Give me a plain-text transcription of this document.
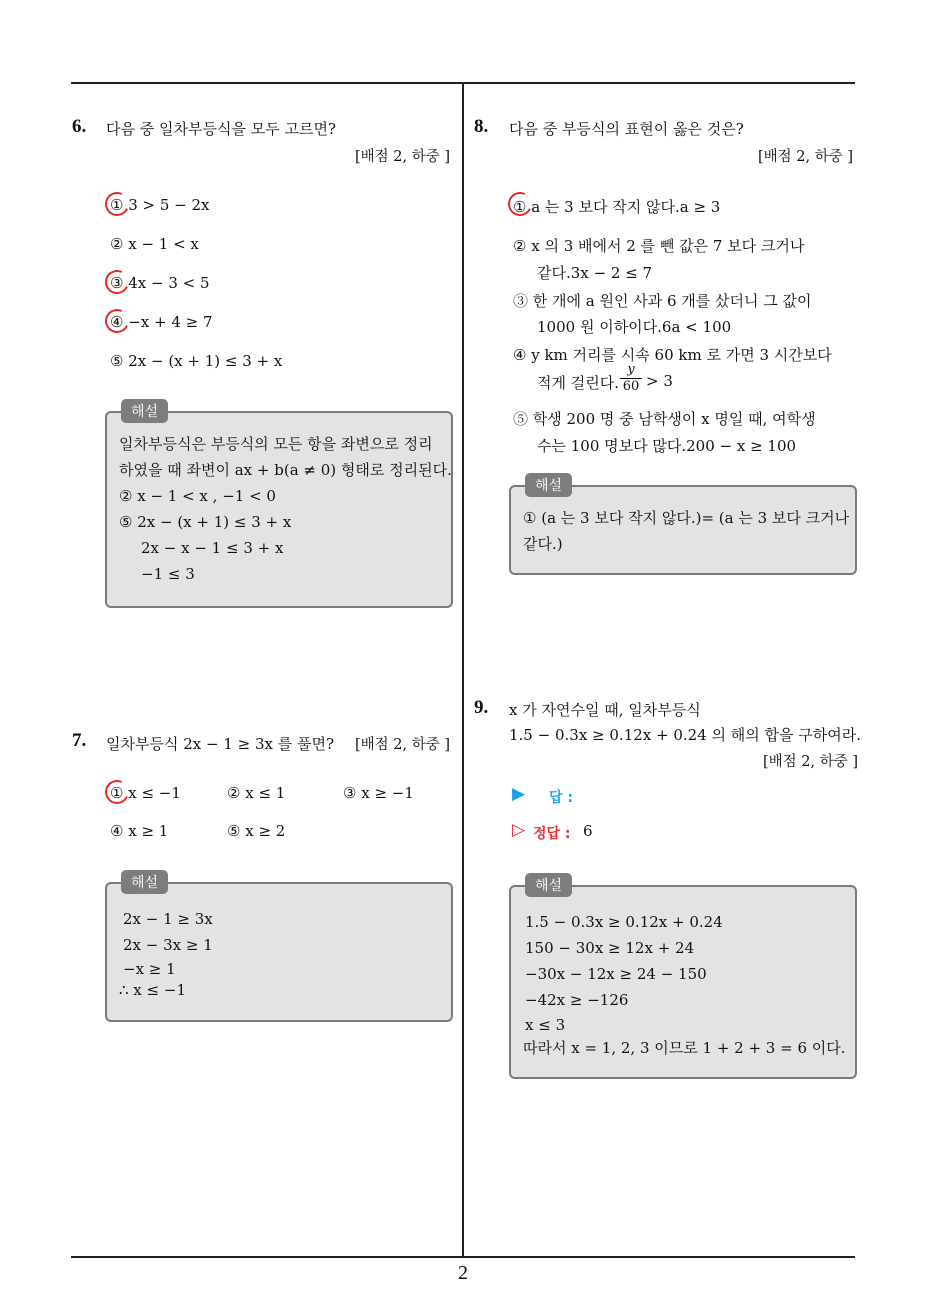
6. 다음 중 일차부등식을 모두 고르면?
[배점 2, 하중 ]
① 3 > 5 − 2x
② x − 1 < x
③ 4x − 3 < 5
④ −x + 4 ≥ 7
⑤ 2x − (x + 1) ≤ 3 + x
해설
일차부등식은 부등식의 모든 항을 좌변으로 정리
하였을 때 좌변이 ax + b(a ≠ 0) 형태로 정리된다.
② x − 1 < x , −1 < 0
⑤ 2x − (x + 1) ≤ 3 + x
2x − x − 1 ≤ 3 + x
−1 ≤ 3
7. 일차부등식 2x − 1 ≥ 3x 를 풀면?	[배점 2, 하중 ]
① x ≤ −1	② x ≤ 1	③ x ≥ −1
④ x ≥ 1	⑤ x ≥ 2
해설
2x − 1 ≥ 3x
2x − 3x ≥ 1
−x ≥ 1
∴ x ≤ −1
8. 다음 중 부등식의 표현이 옳은 것은?
[배점 2, 하중 ]
① a 는 3 보다 작지 않다.a ≥ 3
② x 의 3 배에서 2 를 뺀 값은 7 보다 크거나
같다.3x − 2 ≤ 7
③ 한 개에 a 원인 사과 6 개를 샀더니 그 값이
1000 원 이하이다.6a < 100
④ y km 거리를 시속 60 km 로 가면 3 시간보다
적게 걸린다.
y
60 > 3
⑤ 학생 200 명 중 남학생이 x 명일 때, 여학생
수는 100 명보다 많다.200 − x ≥ 100
해설
① (a 는 3 보다 작지 않다.)= (a 는 3 보다 크거나
같다.)
9. x 가 자연수일 때, 일차부등식
1.5 − 0.3x ≥ 0.12x + 0.24 의 해의 합을 구하여라.
[배점 2, 하중 ]
▶ 답 :
▷ 정답 : 6
해설
1.5 − 0.3x ≥ 0.12x + 0.24
150 − 30x ≥ 12x + 24
−30x − 12x ≥ 24 − 150
−42x ≥ −126
x ≤ 3
따라서 x = 1, 2, 3 이므로 1 + 2 + 3 = 6 이다.
2
